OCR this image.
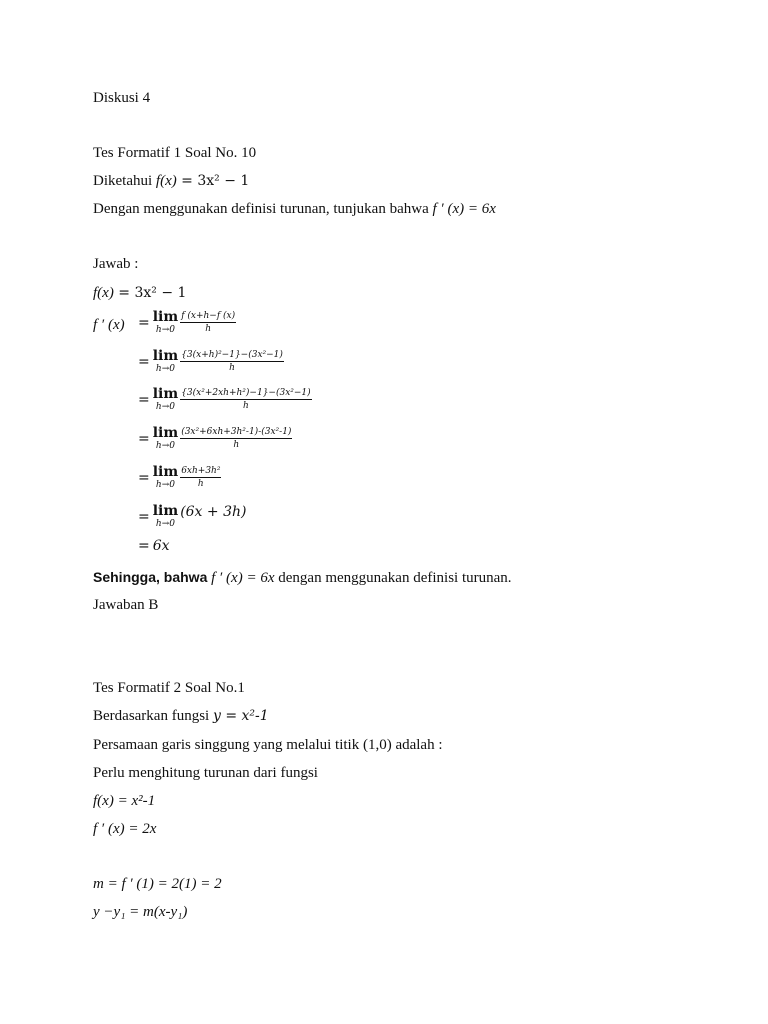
Diskusi 4
Tes Formatif 1 Soal No. 10
Diketahui f(x) = 3x² − 1
Dengan menggunakan definisi turunan, tunjukan bahwa f ′ (x) = 6x
Jawab :
f(x) = 3x² − 1
f ′ (x) = lim
$h\to 0 \frac{f (x+h-f (x)}{h}$
= lim
$h\to 0 \frac{\text{\{3(x+h)²−1\}−(3x²−1)}}{h}$
= lim
$h\to 0 \frac{\text{\{3(x²+2xh+h²)−1\}−(3x²−1)}}{h}$
= lim
$h\to 0 \frac{\text{(3x²+6xh+3h²-1)-(3x²-1)}}{h}$
= lim
$h\to 0 \frac{\text{6xh+3h²}}{h}$
= lim
h→0
(6x + 3h)
= 6x
Sehingga, bahwa f ′ (x) = 6x dengan menggunakan definisi turunan.
Jawaban B
Tes Formatif 2 Soal No.1
Berdasarkan fungsi y = x²-1
Persamaan garis singgung yang melalui titik (1,0) adalah :
Perlu menghitung turunan dari fungsi
f(x) = x²-1
f ′ (x) = 2x
m = f ′ (1) = 2(1) = 2
y −y₁ = m(x-y₁)
